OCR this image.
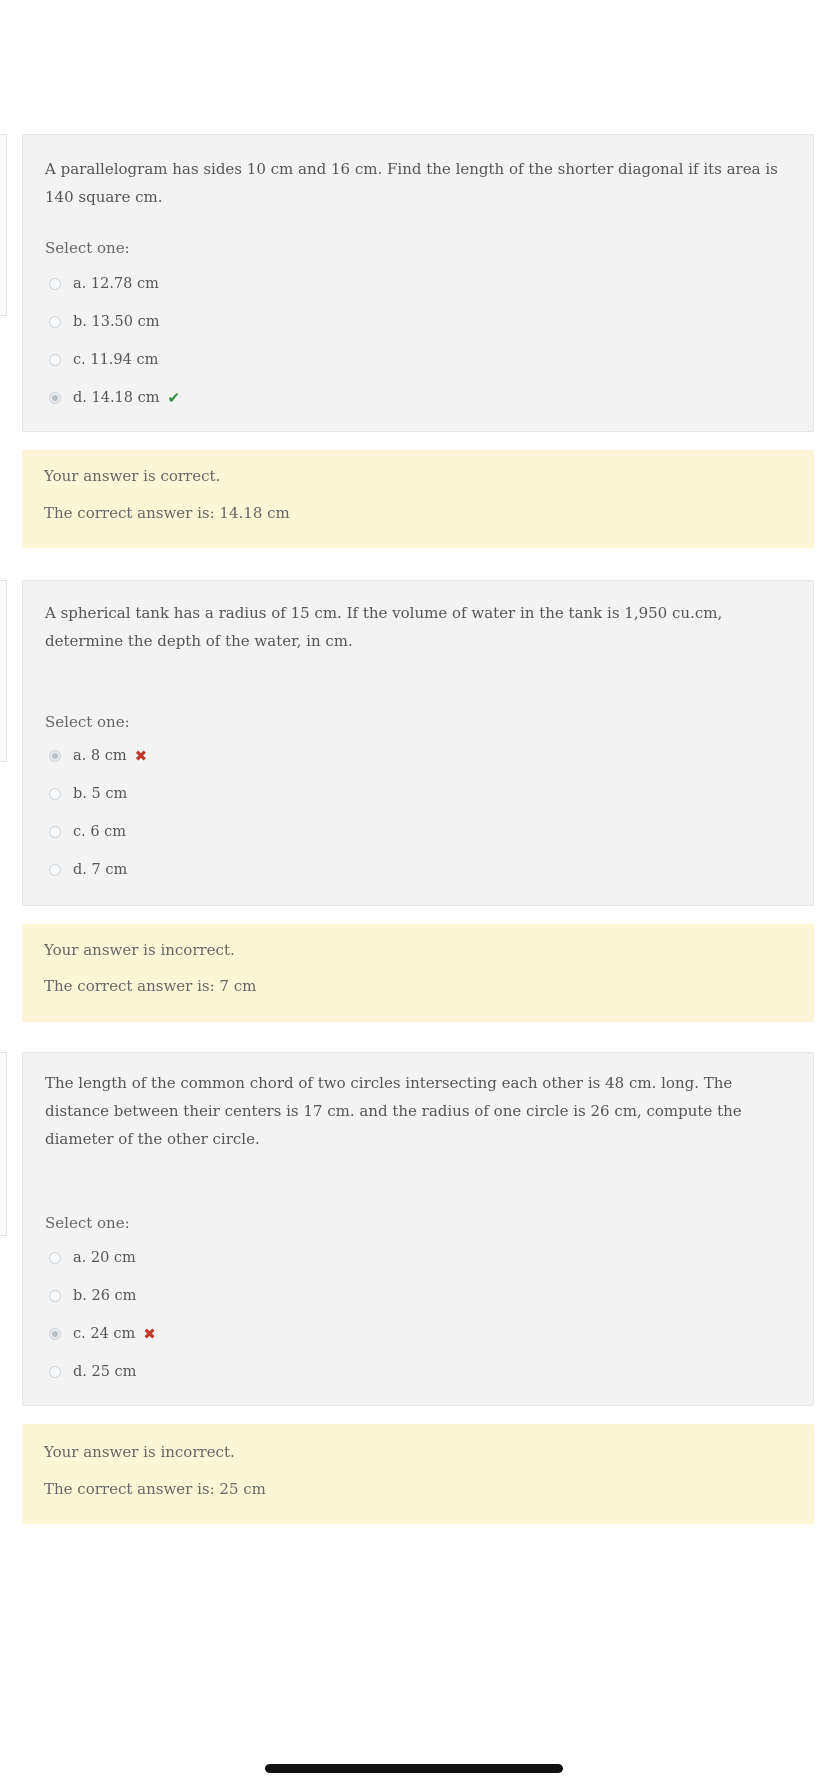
A parallelogram has sides 10 cm and 16 cm. Find the length of the shorter diagonal if its area is 140 square cm.
Select one:
a. 12.78 cm
b. 13.50 cm
c. 11.94 cm
d. 14.18 cm ✔
Your answer is correct.
The correct answer is: 14.18 cm
A spherical tank has a radius of 15 cm. If the volume of water in the tank is 1,950 cu.cm, determine the depth of the water, in cm.
Select one:
a. 8 cm ✖
b. 5 cm
c. 6 cm
d. 7 cm
Your answer is incorrect.
The correct answer is: 7 cm
The length of the common chord of two circles intersecting each other is 48 cm. long. The distance between their centers is 17 cm. and the radius of one circle is 26 cm, compute the diameter of the other circle.
Select one:
a. 20 cm
b. 26 cm
c. 24 cm ✖
d. 25 cm
Your answer is incorrect.
The correct answer is: 25 cm
